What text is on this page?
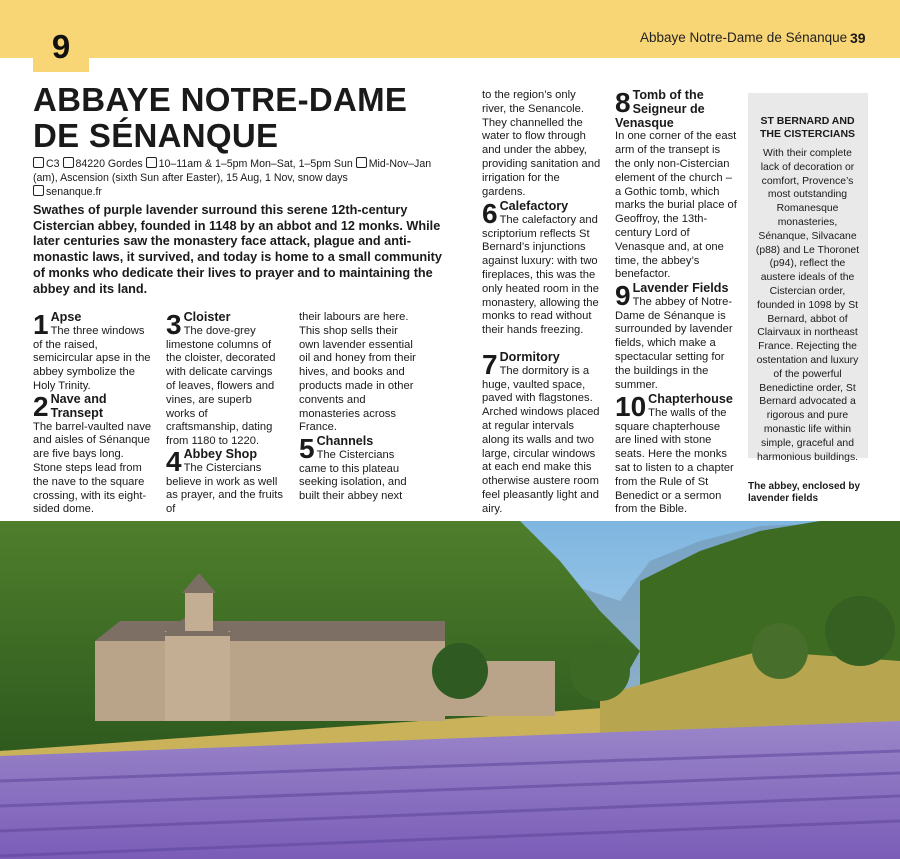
9	Abbaye Notre-Dame de Sénanque 39
ABBAYE NOTRE-DAME
DE SÉNANQUE
C3 84220 Gordes 10–11am & 1–5pm Mon–Sat, 1–5pm Sun Mid-Nov–Jan (am), Ascension (sixth Sun after Easter), 15 Aug, 1 Nov, snow days
senanque.fr
Swathes of purple lavender surround this serene 12th-century Cistercian abbey, founded in 1148 by an abbot and 12 monks. While later centuries saw the monastery face attack, plague and anti-monastic laws, it survived, and today is home to a small community of monks who dedicate their lives to prayer and to maintaining the abbey and its land.
1 Apse
The three windows of the raised, semicircular apse in the abbey symbolize the Holy Trinity.
2 Nave and Transept
The barrel-vaulted nave and aisles of Sénanque are five bays long. Stone steps lead from the nave to the square crossing, with its eight-sided dome.
3 Cloister
The dove-grey limestone columns of the cloister, decorated with delicate carvings of leaves, flowers and vines, are superb works of craftsmanship, dating from 1180 to 1220.
4 Abbey Shop
The Cistercians believe in work as well as prayer, and the fruits of
their labours are here. This shop sells their own lavender essential oil and honey from their hives, and books and products made in other convents and monasteries across France.
5 Channels
The Cistercians came to this plateau seeking isolation, and built their abbey next
to the region’s only river, the Senancole. They channelled the water to flow through and under the abbey, providing sanitation and irrigation for the gardens.
6 Calefactory
The calefactory and scriptorium reflects St Bernard’s injunctions against luxury: with two fireplaces, this was the only heated room in the monastery, allowing the monks to read without their hands freezing.
7 Dormitory
The dormitory is a huge, vaulted space, paved with flagstones. Arched windows placed at regular intervals along its walls and two large, circular windows at each end make this otherwise austere room feel pleasantly light and airy.
8 Tomb of the Seigneur de Venasque
In one corner of the east arm of the transept is the only non-Cistercian element of the church – a Gothic tomb, which marks the burial place of Geoffroy, the 13th-century Lord of Venasque and, at one time, the abbey’s benefactor.
9 Lavender Fields
The abbey of Notre-Dame de Sénanque is surrounded by lavender fields, which make a spectacular setting for the buildings in the summer.
10 Chapterhouse
The walls of the square chapterhouse are lined with stone seats. Here the monks sat to listen to a chapter from the Rule of St Benedict or a sermon from the Bible.
ST BERNARD AND THE CISTERCIANS
With their complete lack of decoration or comfort, Provence’s most outstanding Romanesque monasteries, Sénanque, Silvacane (p88) and Le Thoronet (p94), reflect the austere ideals of the Cistercian order, founded in 1098 by St Bernard, abbot of Clairvaux in northeast France. Rejecting the ostentation and luxury of the powerful Benedictine order, St Bernard advocated a rigorous and pure monastic life within simple, graceful and harmonious buildings.
The abbey, enclosed by lavender fields
